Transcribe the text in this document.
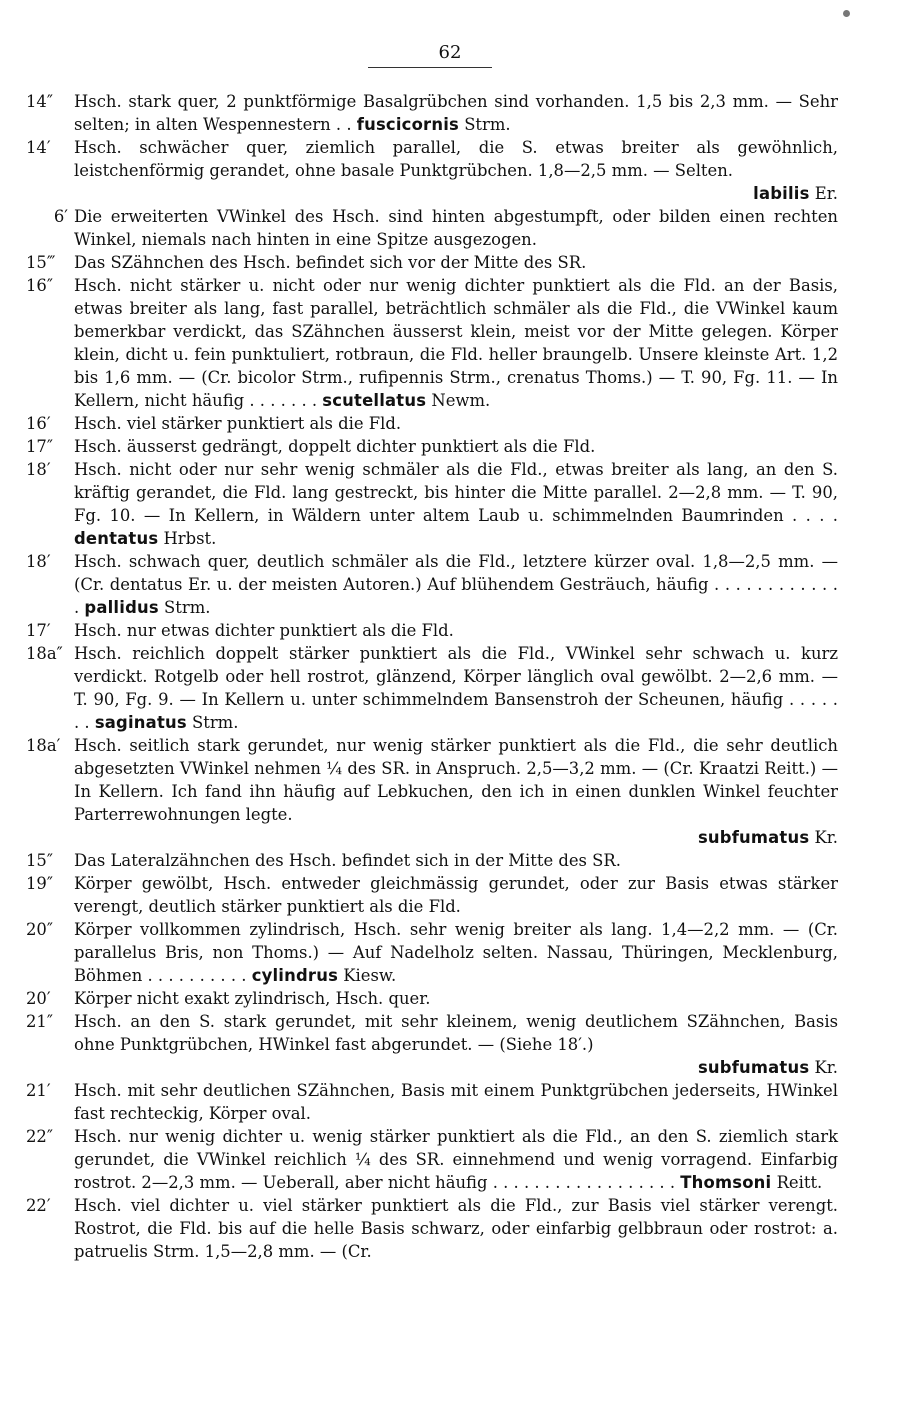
62
14″	Hsch. stark quer, 2 punktförmige Basalgrübchen sind vorhanden. 1,5 bis 2,3 mm. — Sehr selten; in alten Wespennestern . . fuscicornis Strm.
14′	Hsch. schwächer quer, ziemlich parallel, die S. etwas breiter als gewöhnlich, leistchenförmig gerandet, ohne basale Punktgrübchen. 1,8—2,5 mm. — Selten.
labilis Er.
6′ Die erweiterten VWinkel des Hsch. sind hinten abgestumpft, oder bilden einen rechten Winkel, niemals nach hinten in eine Spitze ausgezogen.
15‴	Das SZähnchen des Hsch. befindet sich vor der Mitte des SR.
16″	Hsch. nicht stärker u. nicht oder nur wenig dichter punktiert als die Fld. an der Basis, etwas breiter als lang, fast parallel, beträchtlich schmäler als die Fld., die VWinkel kaum bemerkbar verdickt, das SZähnchen äusserst klein, meist vor der Mitte gelegen. Körper klein, dicht u. fein punktuliert, rotbraun, die Fld. heller braungelb. Unsere kleinste Art. 1,2 bis 1,6 mm. — (Cr. bicolor Strm., rufipennis Strm., crenatus Thoms.) — T. 90, Fg. 11. — In Kellern, nicht häufig . . . . . . . scutellatus Newm.
16′	Hsch. viel stärker punktiert als die Fld.
17″	Hsch. äusserst gedrängt, doppelt dichter punktiert als die Fld.
18′	Hsch. nicht oder nur sehr wenig schmäler als die Fld., etwas breiter als lang, an den S. kräftig gerandet, die Fld. lang gestreckt, bis hinter die Mitte parallel. 2—2,8 mm. — T. 90, Fg. 10. — In Kellern, in Wäldern unter altem Laub u. schimmelnden Baumrinden . . . . dentatus Hrbst.
18′	Hsch. schwach quer, deutlich schmäler als die Fld., letztere kürzer oval. 1,8—2,5 mm. — (Cr. dentatus Er. u. der meisten Autoren.) Auf blühendem Gesträuch, häufig . . . . . . . . . . . . . pallidus Strm.
17′	Hsch. nur etwas dichter punktiert als die Fld.
18a″ Hsch. reichlich doppelt stärker punktiert als die Fld., VWinkel sehr schwach u. kurz verdickt. Rotgelb oder hell rostrot, glänzend, Körper länglich oval gewölbt. 2—2,6 mm. — T. 90, Fg. 9. — In Kellern u. unter schimmelndem Bansenstroh der Scheunen, häufig . . . . . . . saginatus Strm.
18a′ Hsch. seitlich stark gerundet, nur wenig stärker punktiert als die Fld., die sehr deutlich abgesetzten VWinkel nehmen ¼ des SR. in Anspruch. 2,5—3,2 mm. — (Cr. Kraatzi Reitt.) — In Kellern. Ich fand ihn häufig auf Lebkuchen, den ich in einen dunklen Winkel feuchter Parterrewohnungen legte.
subfumatus Kr.
15″	Das Lateralzähnchen des Hsch. befindet sich in der Mitte des SR.
19″	Körper gewölbt, Hsch. entweder gleichmässig gerundet, oder zur Basis etwas stärker verengt, deutlich stärker punktiert als die Fld.
20″	Körper vollkommen zylindrisch, Hsch. sehr wenig breiter als lang. 1,4—2,2 mm. — (Cr. parallelus Bris, non Thoms.) — Auf Nadelholz selten. Nassau, Thüringen, Mecklenburg, Böhmen . . . . . . . . . . cylindrus Kiesw.
20′	Körper nicht exakt zylindrisch, Hsch. quer.
21″	Hsch. an den S. stark gerundet, mit sehr kleinem, wenig deutlichem SZähnchen, Basis ohne Punktgrübchen, HWinkel fast abgerundet. — (Siehe 18′.)
subfumatus Kr.
21′	Hsch. mit sehr deutlichen SZähnchen, Basis mit einem Punktgrübchen jederseits, HWinkel fast rechteckig, Körper oval.
22″	Hsch. nur wenig dichter u. wenig stärker punktiert als die Fld., an den S. ziemlich stark gerundet, die VWinkel reichlich ¼ des SR. einnehmend und wenig vorragend. Einfarbig rostrot. 2—2,3 mm. — Ueberall, aber nicht häufig . . . . . . . . . . . . . . . . . . Thomsoni Reitt.
22′	Hsch. viel dichter u. viel stärker punktiert als die Fld., zur Basis viel stärker verengt. Rostrot, die Fld. bis auf die helle Basis schwarz, oder einfarbig gelbbraun oder rostrot: a. patruelis Strm. 1,5—2,8 mm. — (Cr.
